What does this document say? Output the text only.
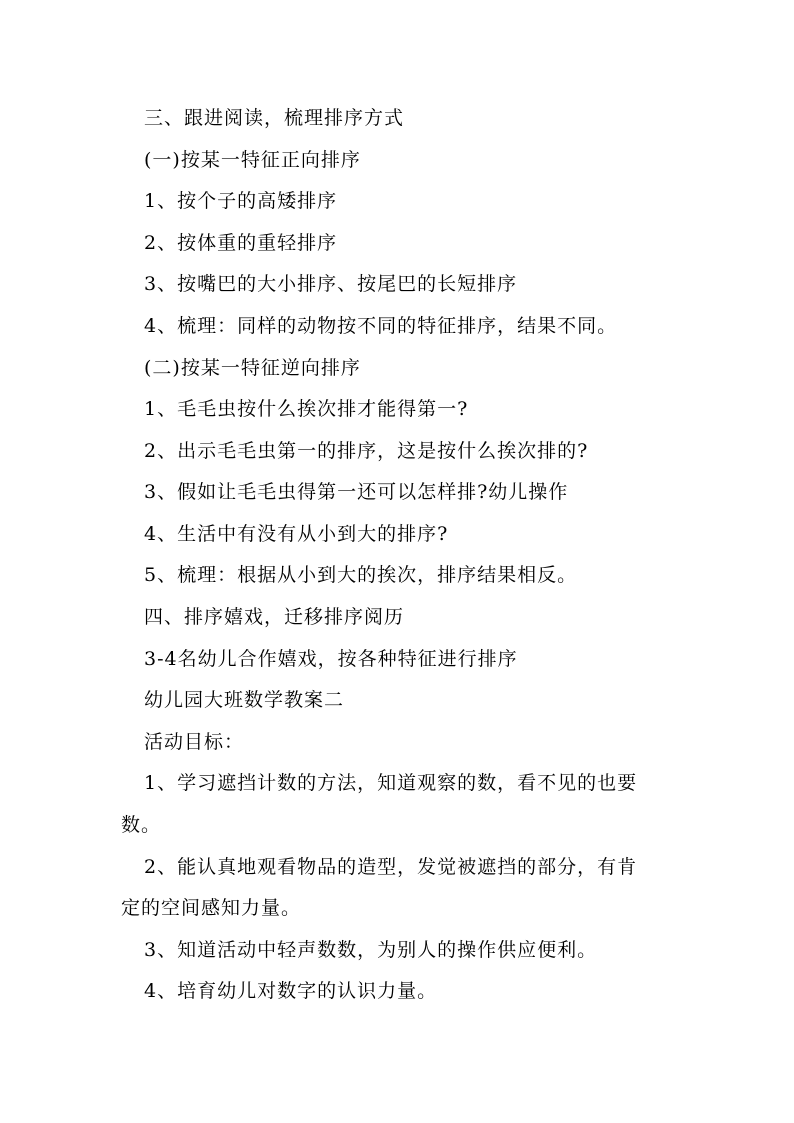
三、跟进阅读，梳理排序方式
(一)按某一特征正向排序
1、按个子的高矮排序
2、按体重的重轻排序
3、按嘴巴的大小排序、按尾巴的长短排序
4、梳理：同样的动物按不同的特征排序，结果不同。
(二)按某一特征逆向排序
1、毛毛虫按什么挨次排才能得第一?
2、出示毛毛虫第一的排序，这是按什么挨次排的?
3、假如让毛毛虫得第一还可以怎样排?幼儿操作
4、生活中有没有从小到大的排序?
5、梳理：根据从小到大的挨次，排序结果相反。
四、排序嬉戏，迁移排序阅历
3-4名幼儿合作嬉戏，按各种特征进行排序
幼儿园大班数学教案二
活动目标：
1、学习遮挡计数的方法，知道观察的数，看不见的也要
数。
2、能认真地观看物品的造型，发觉被遮挡的部分，有肯
定的空间感知力量。
3、知道活动中轻声数数，为别人的操作供应便利。
4、培育幼儿对数字的认识力量。
